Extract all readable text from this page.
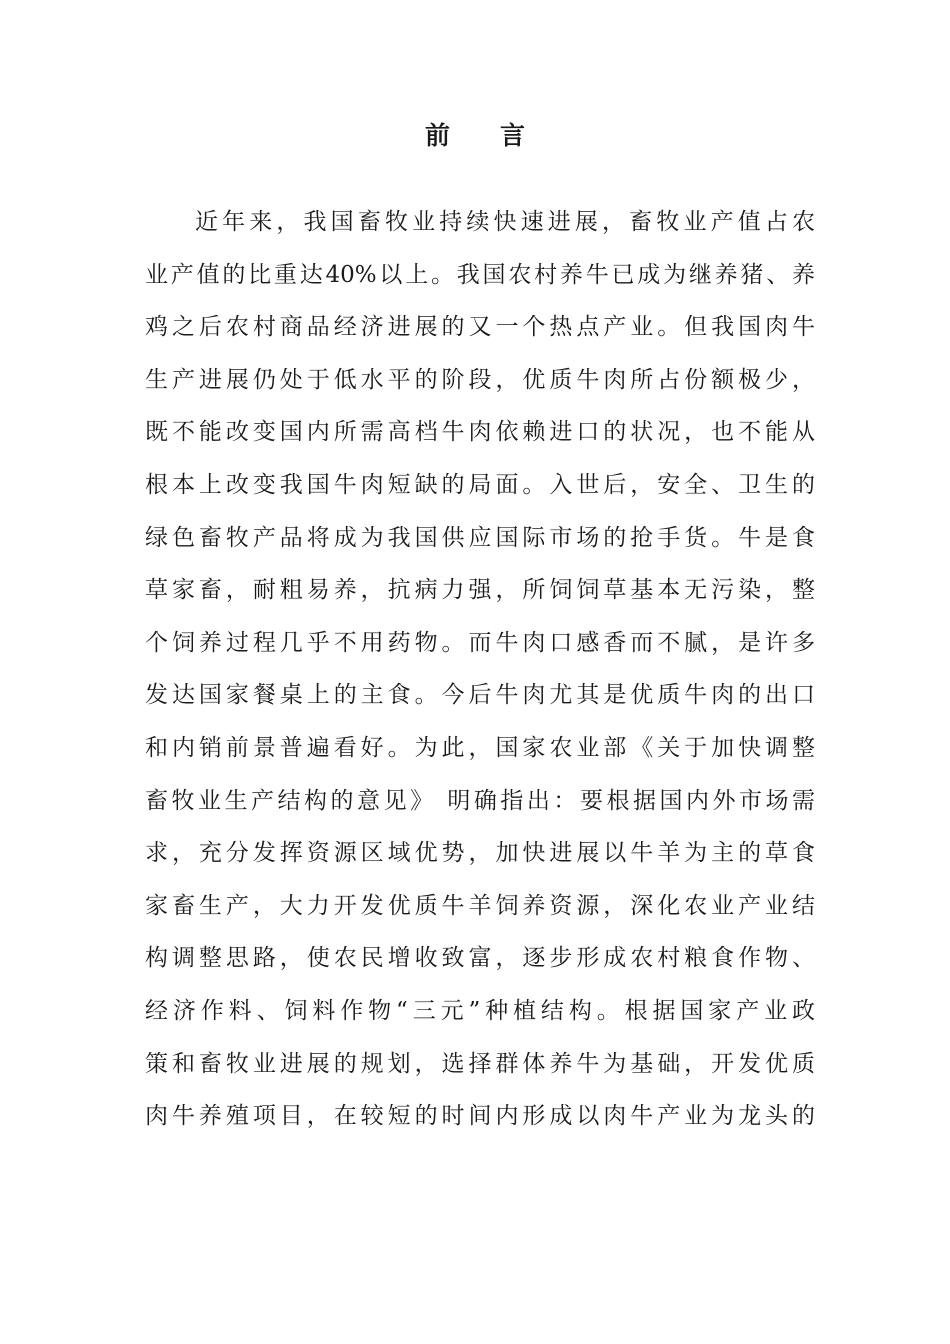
前 言
近年来，我国畜牧业持续快速进展，畜牧业产值占农
业产值的比重达40%以上。我国农村养牛已成为继养猪、养
鸡之后农村商品经济进展的又一个热点产业。但我国肉牛
生产进展仍处于低水平的阶段，优质牛肉所占份额极少，
既不能改变国内所需高档牛肉依赖进口的状况，也不能从
根本上改变我国牛肉短缺的局面。入世后，安全、卫生的
绿色畜牧产品将成为我国供应国际市场的抢手货。牛是食
草家畜，耐粗易养，抗病力强，所饲饲草基本无污染，整
个饲养过程几乎不用药物。而牛肉口感香而不腻，是许多
发达国家餐桌上的主食。今后牛肉尤其是优质牛肉的出口
和内销前景普遍看好。为此，国家农业部《关于加快调整
畜牧业生产结构的意见》 明确指出：要根据国内外市场需
求，充分发挥资源区域优势，加快进展以牛羊为主的草食
家畜生产，大力开发优质牛羊饲养资源，深化农业产业结
构调整思路，使农民增收致富，逐步形成农村粮食作物、
经济作料、饲料作物“三元”种植结构。根据国家产业政
策和畜牧业进展的规划，选择群体养牛为基础，开发优质
肉牛养殖项目，在较短的时间内形成以肉牛产业为龙头的
